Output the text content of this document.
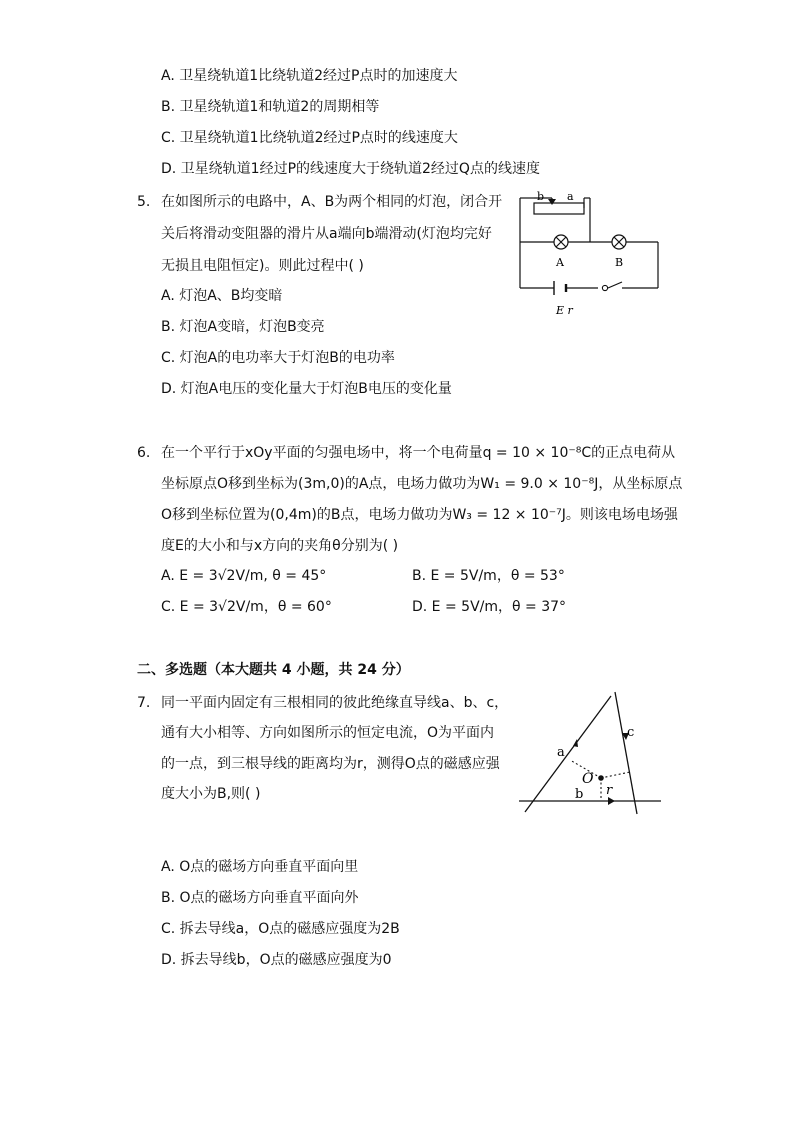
A. 卫星绕轨道1比绕轨道2经过P点时的加速度大
B. 卫星绕轨道1和轨道2的周期相等
C. 卫星绕轨道1比绕轨道2经过P点时的线速度大
D. 卫星绕轨道1经过P的线速度大于绕轨道2经过Q点的线速度
5. 在如图所示的电路中，A、B为两个相同的灯泡，闭合开
关后将滑动变阻器的滑片从a端向b端滑动(灯泡均完好
无损且电阻恒定)。则此过程中( )
A. 灯泡A、B均变暗
B. 灯泡A变暗，灯泡B变亮
C. 灯泡A的电功率大于灯泡B的电功率
D. 灯泡A电压的变化量大于灯泡B电压的变化量
b a
A	B
E r
6. 在一个平行于xOy平面的匀强电场中，将一个电荷量q = 10 × 10⁻⁸C的正点电荷从
坐标原点O移到坐标为(3m,0)的A点，电场力做功为W₁ = 9.0 × 10⁻⁸J，从坐标原点
O移到坐标位置为(0,4m)的B点，电场力做功为W₃ = 12 × 10⁻⁷J。则该电场电场强
度E的大小和与x方向的夹角θ分别为( )
A. E = 3√2V/m, θ = 45°	B. E = 5V/m，θ = 53°
C. E = 3√2V/m，θ = 60°	D. E = 5V/m，θ = 37°
二、多选题（本大题共 4 小题，共 24 分）
7. 同一平面内固定有三根相同的彼此绝缘直导线a、b、c，
通有大小相等、方向如图所示的恒定电流，O为平面内
的一点，到三根导线的距离均为r，测得O点的磁感应强
度大小为B,则( )
A. O点的磁场方向垂直平面向里
B. O点的磁场方向垂直平面向外
C. 拆去导线a，O点的磁感应强度为2B
D. 拆去导线b，O点的磁感应强度为0
a
b
c
O
r
